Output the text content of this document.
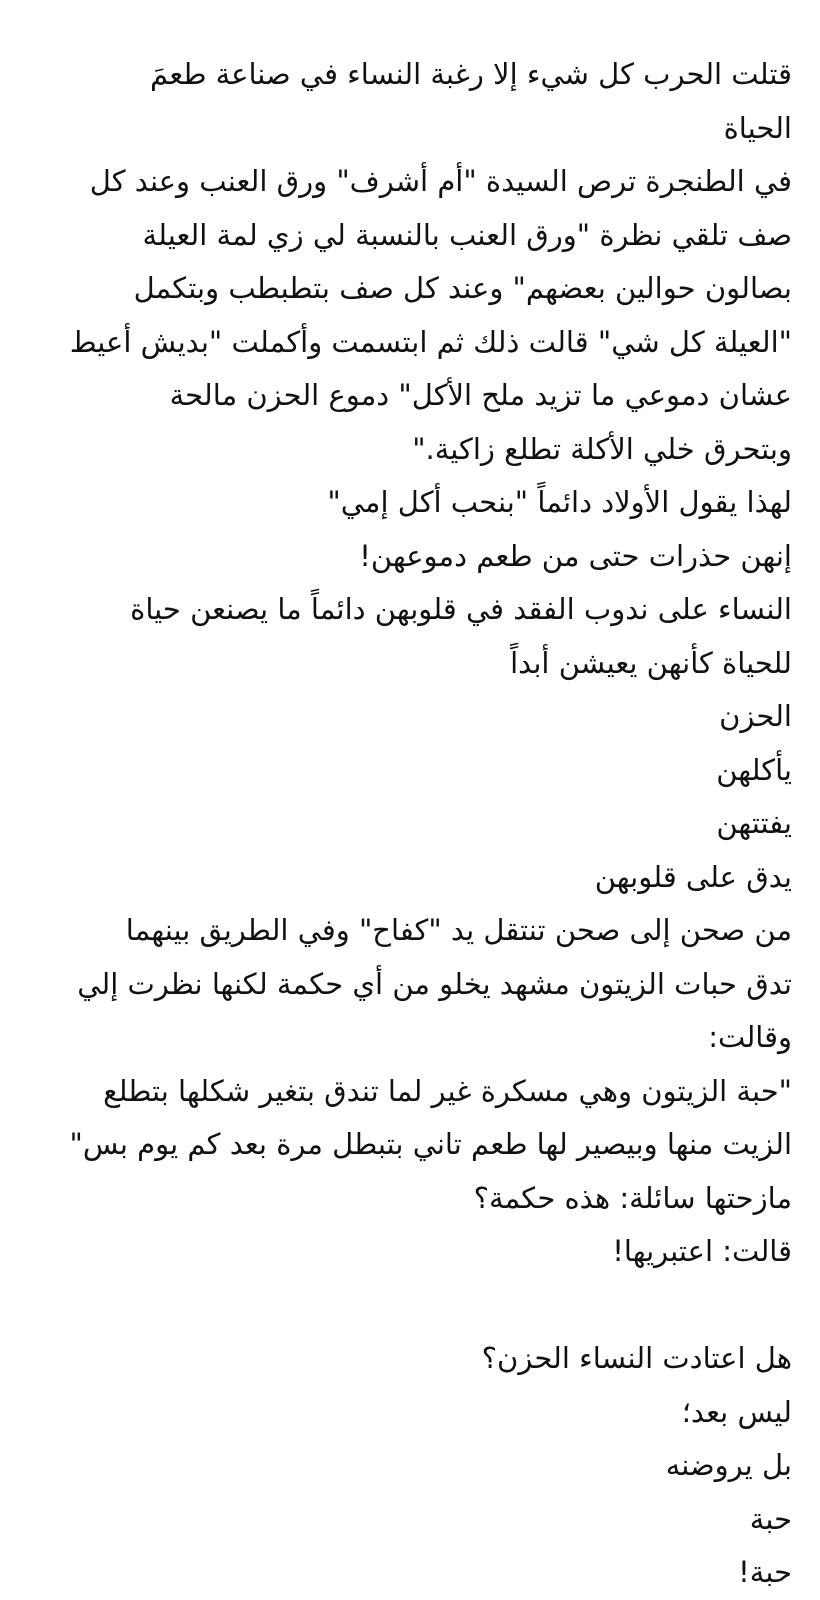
قتلت الحرب كل شيء إلا رغبة النساء في صناعة طعمَ
الحياة
في الطنجرة ترص السيدة "أم أشرف" ورق العنب وعند كل
صف تلقي نظرة "ورق العنب بالنسبة لي زي لمة العيلة
بصالون حوالين بعضهم" وعند كل صف بتطبطب وبتكمل
"العيلة كل شي" قالت ذلك ثم ابتسمت وأكملت "بديش أعيط
عشان دموعي ما تزيد ملح الأكل" دموع الحزن مالحة
وبتحرق خلي الأكلة تطلع زاكية."
لهذا يقول الأولاد دائماً "بنحب أكل إمي"
إنهن حذرات حتى من طعم دموعهن!
النساء على ندوب الفقد في قلوبهن دائماً ما يصنعن حياة
للحياة كأنهن يعيشن أبداً
الحزن
يأكلهن
يفتتهن
يدق على قلوبهن
من صحن إلى صحن تنتقل يد "كفاح" وفي الطريق بينهما
تدق حبات الزيتون مشهد يخلو من أي حكمة لكنها نظرت إلي
وقالت:
"حبة الزيتون وهي مسكرة غير لما تندق بتغير شكلها بتطلع
الزيت منها وبيصير لها طعم تاني بتبطل مرة بعد كم يوم بس"
مازحتها سائلة: هذه حكمة؟
قالت: اعتبريها!
هل اعتادت النساء الحزن؟
ليس بعد؛
بل يروضنه
حبة
حبة!
